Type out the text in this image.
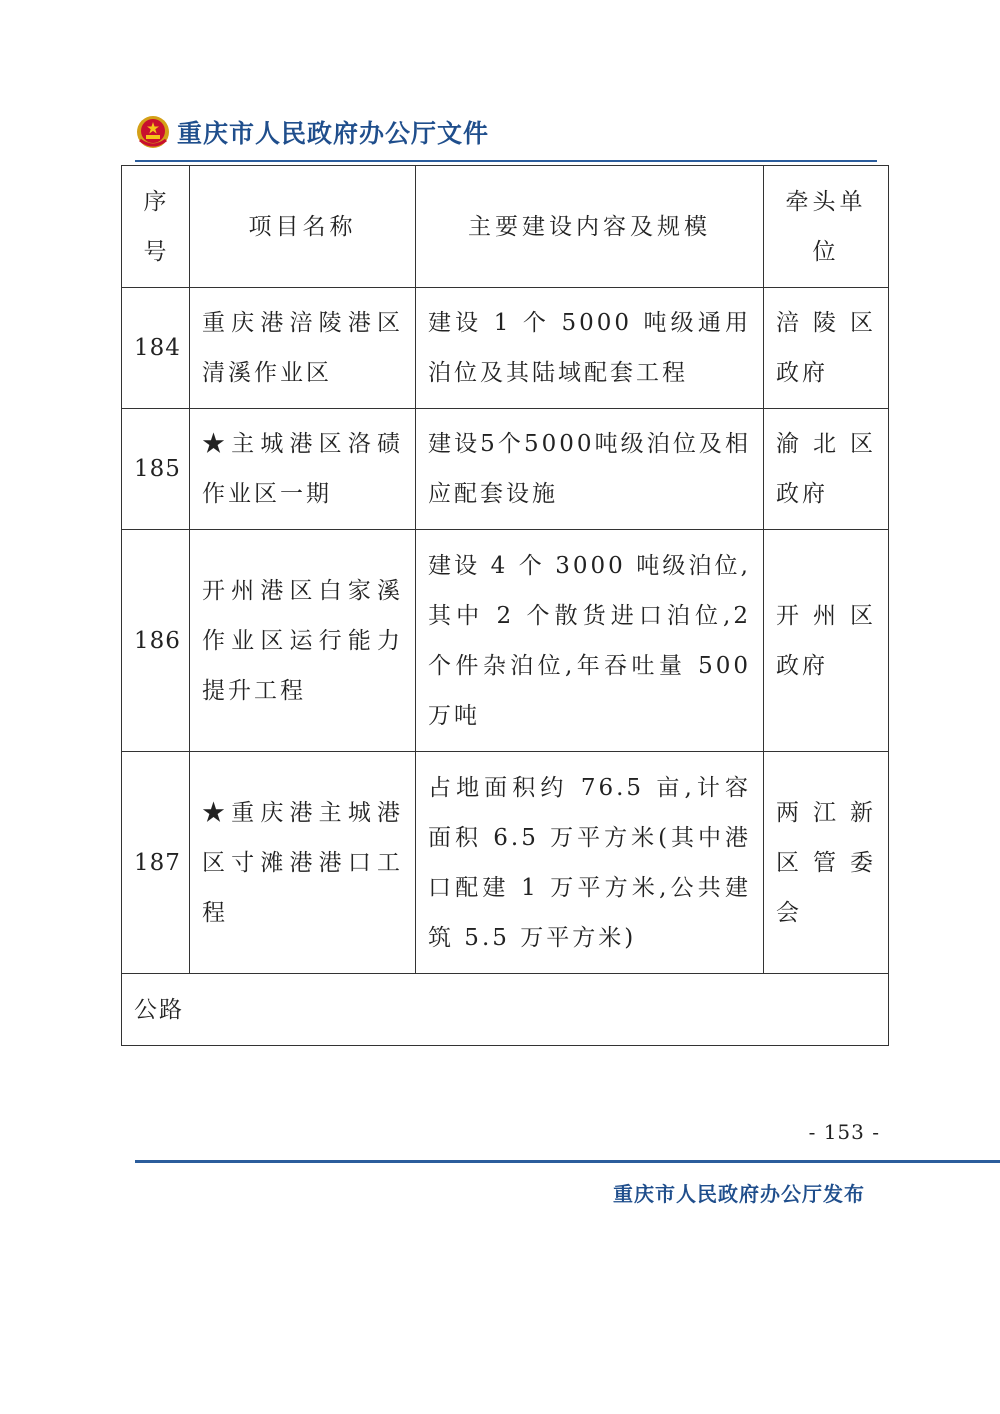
重庆市人民政府办公厅文件
序号	项目名称	主要建设内容及规模	牵头单位
184	重庆港涪陵港区清溪作业区	建设 1 个 5000 吨级通用泊位及其陆域配套工程	涪陵区政府
185	★主城港区洛碛作业区一期	建设5个5000吨级泊位及相应配套设施	渝北区政府
186	开州港区白家溪作业区运行能力提升工程	建设 4 个 3000 吨级泊位,其中 2 个散货进口泊位,2 个件杂泊位,年吞吐量 500 万吨	开州区政府
187	★重庆港主城港区寸滩港港口工程	占地面积约 76.5 亩,计容面积 6.5 万平方米(其中港口配建 1 万平方米,公共建筑 5.5 万平方米)	两江新区管委会
公路			
- 153 -
重庆市人民政府办公厅发布
